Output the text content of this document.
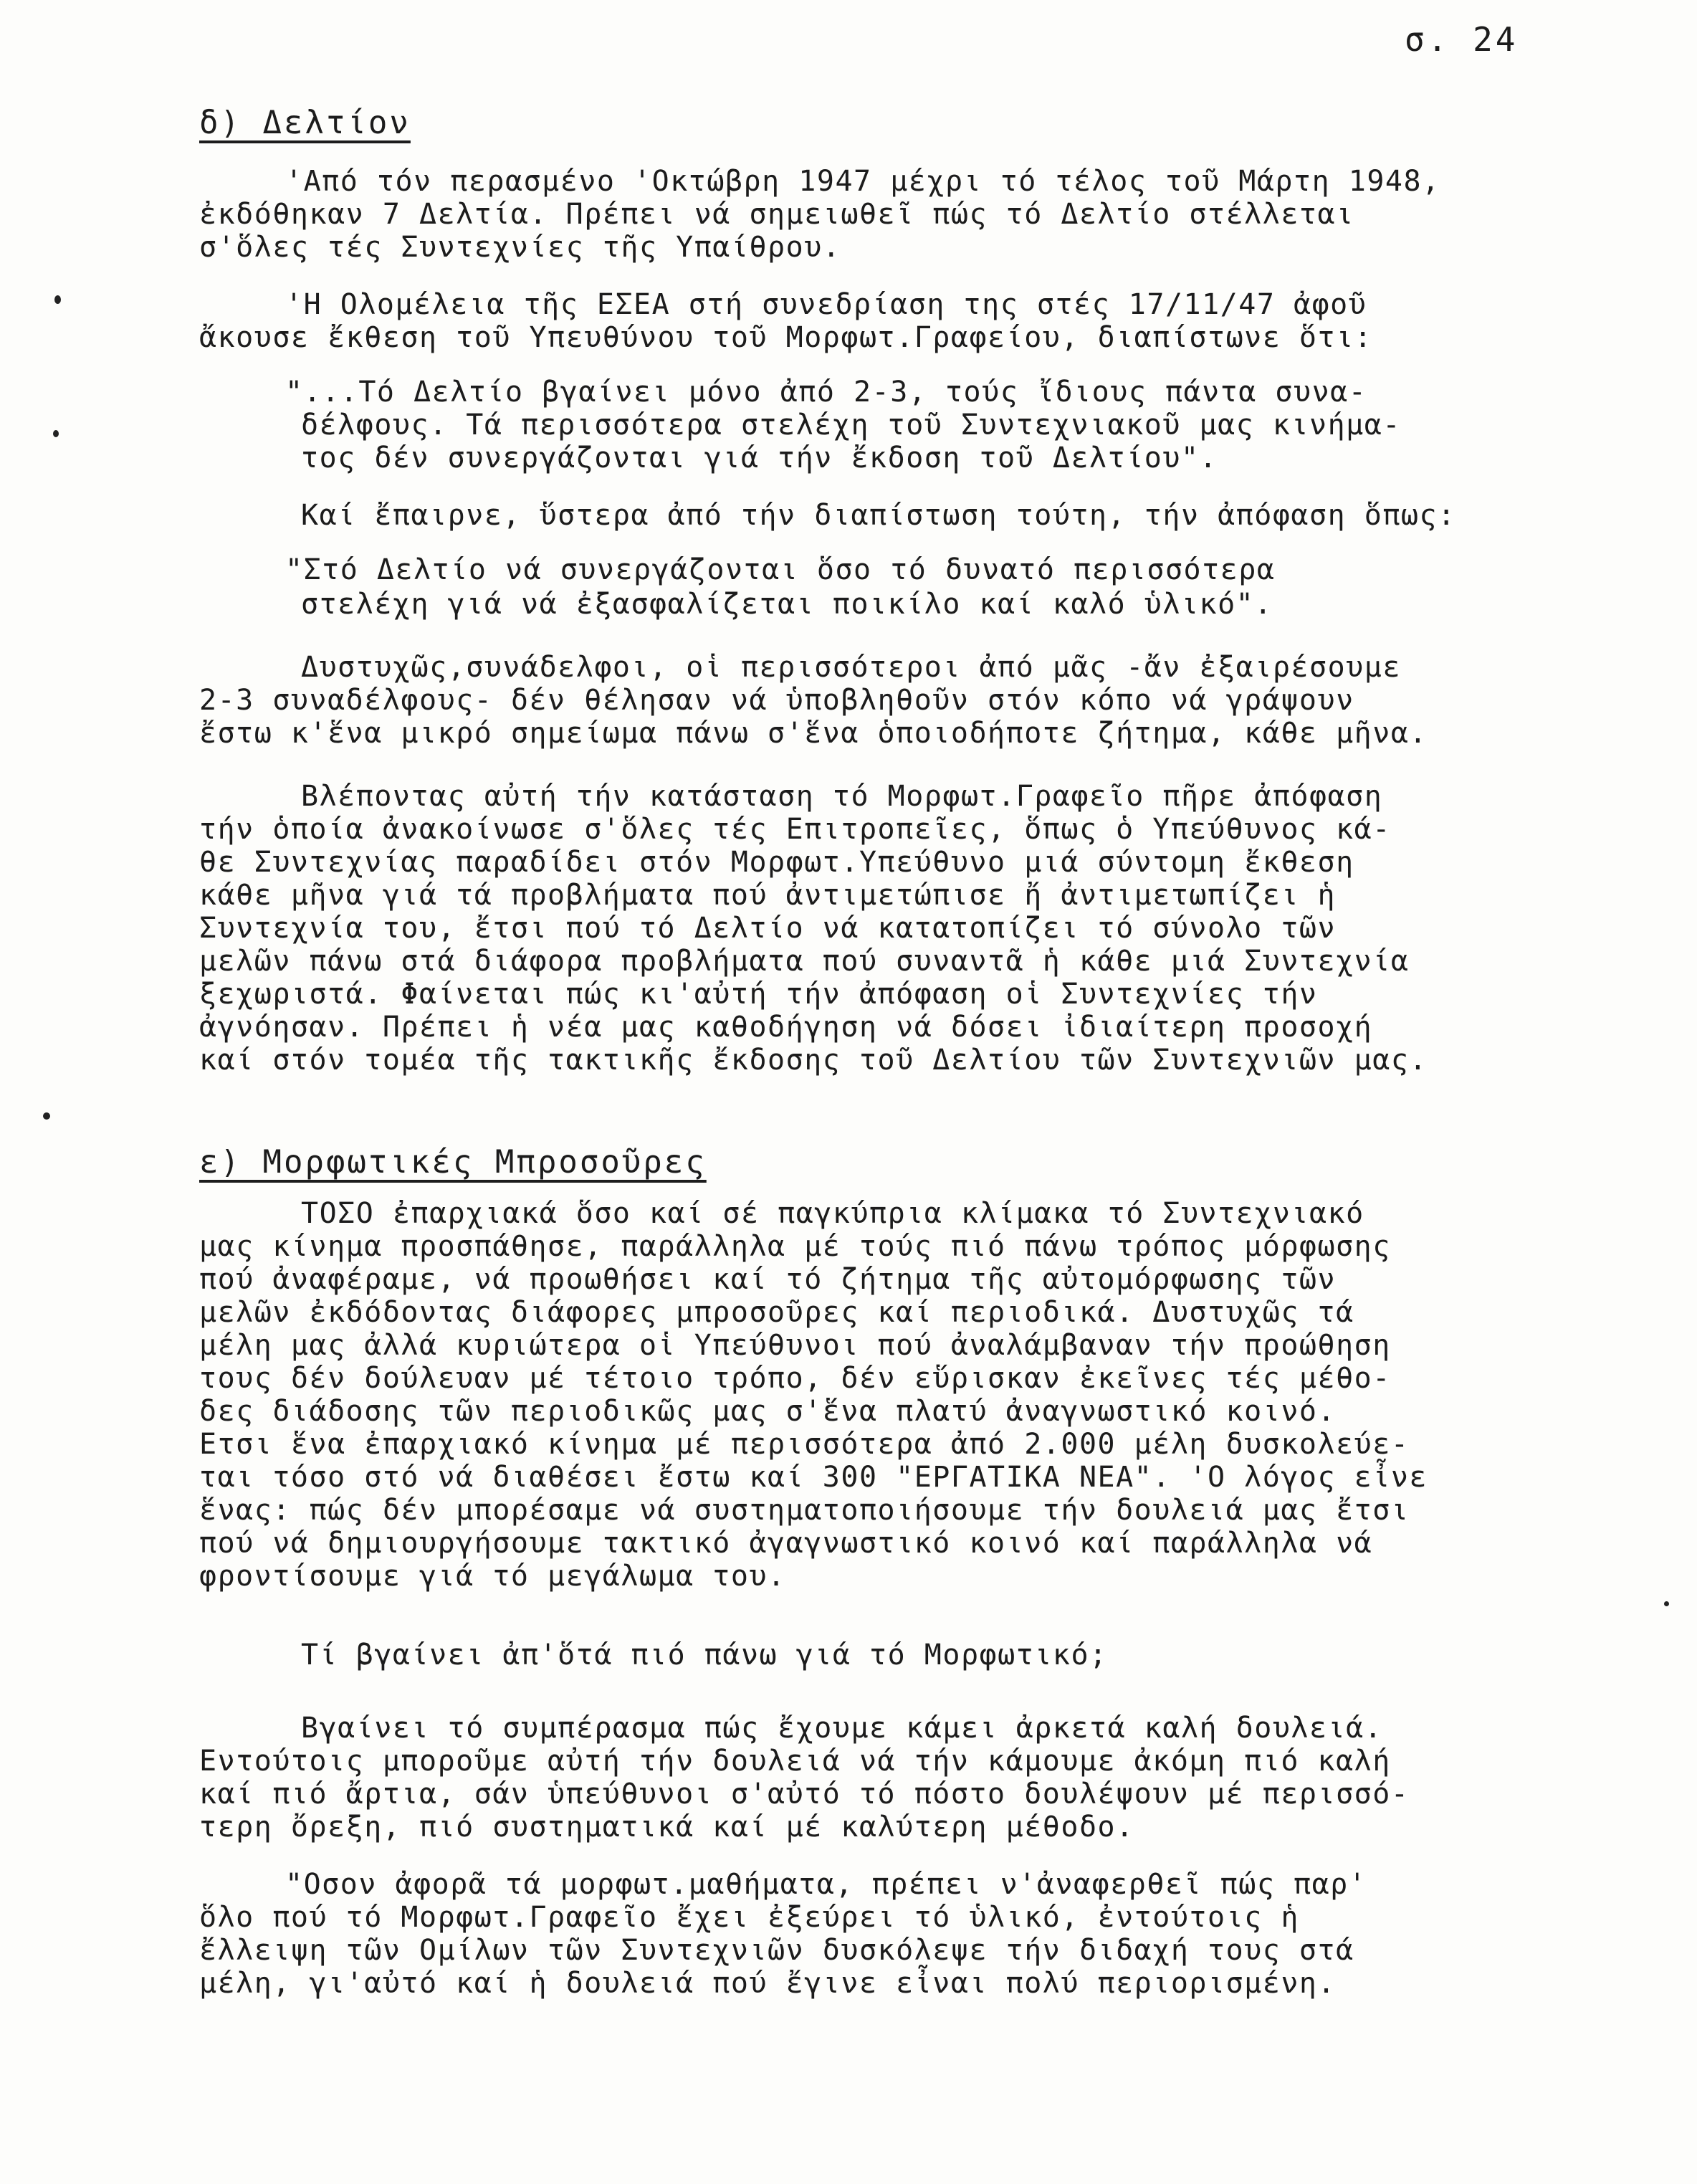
σ. 24
δ) Δελτίον
'Από τόν περασμένο 'Οκτώβρη 1947 μέχρι τό τέλος τοῦ Μάρτη 1948,
ἐκδόθηκαν 7 Δελτία. Πρέπει νά σημειωθεῖ πώς τό Δελτίο στέλλεται
σ'ὅλες τές Συντεχνίες τῆς Υπαίθρου.
'Η Ολομέλεια τῆς ΕΣΕΑ στή συνεδρίαση της στές 17/11/47 ἀφοῦ
ἄκουσε ἔκθεση τοῦ Υπευθύνου τοῦ Μορφωτ.Γραφείου, διαπίστωνε ὅτι:
"...Τό Δελτίο βγαίνει μόνο ἀπό 2-3, τούς ἴδιους πάντα συνα-
δέλφους. Τά περισσότερα στελέχη τοῦ Συντεχνιακοῦ μας κινήμα-
τος δέν συνεργάζονται γιά τήν ἔκδοση τοῦ Δελτίου".
Καί ἔπαιρνε, ὕστερα ἀπό τήν διαπίστωση τούτη, τήν ἀπόφαση ὅπως:
"Στό Δελτίο νά συνεργάζονται ὅσο τό δυνατό περισσότερα
στελέχη γιά νά ἐξασφαλίζεται ποικίλο καί καλό ὑλικό".
Δυστυχῶς,συνάδελφοι, οἱ περισσότεροι ἀπό μᾶς -ἄν ἐξαιρέσουμε
2-3 συναδέλφους- δέν θέλησαν νά ὑποβληθοῦν στόν κόπο νά γράψουν
ἔστω κ'ἕνα μικρό σημείωμα πάνω σ'ἕνα ὁποιοδήποτε ζήτημα, κάθε μῆνα.
Βλέποντας αὐτή τήν κατάσταση τό Μορφωτ.Γραφεῖο πῆρε ἀπόφαση
τήν ὁποία ἀνακοίνωσε σ'ὅλες τές Επιτροπεῖες, ὅπως ὁ Υπεύθυνος κά-
θε Συντεχνίας παραδίδει στόν Μορφωτ.Υπεύθυνο μιά σύντομη ἔκθεση
κάθε μῆνα γιά τά προβλήματα πού ἀντιμετώπισε ἤ ἀντιμετωπίζει ἡ
Συντεχνία του, ἔτσι πού τό Δελτίο νά κατατοπίζει τό σύνολο τῶν
μελῶν πάνω στά διάφορα προβλήματα πού συναντᾶ ἡ κάθε μιά Συντεχνία
ξεχωριστά. Φαίνεται πώς κι'αὐτή τήν ἀπόφαση οἱ Συντεχνίες τήν
ἀγνόησαν. Πρέπει ἡ νέα μας καθοδήγηση νά δόσει ἰδιαίτερη προσοχή
καί στόν τομέα τῆς τακτικῆς ἔκδοσης τοῦ Δελτίου τῶν Συντεχνιῶν μας.
ε) Μορφωτικές Μπροσοῦρες
ΤΟΣΟ ἐπαρχιακά ὅσο καί σέ παγκύπρια κλίμακα τό Συντεχνιακό
μας κίνημα προσπάθησε, παράλληλα μέ τούς πιό πάνω τρόπος μόρφωσης
πού ἀναφέραμε, νά προωθήσει καί τό ζήτημα τῆς αὐτομόρφωσης τῶν
μελῶν ἐκδόδοντας διάφορες μπροσοῦρες καί περιοδικά. Δυστυχῶς τά
μέλη μας ἀλλά κυριώτερα οἱ Υπεύθυνοι πού ἀναλάμβαναν τήν προώθηση
τους δέν δούλευαν μέ τέτοιο τρόπο, δέν εὕρισκαν ἐκεῖνες τές μέθο-
δες διάδοσης τῶν περιοδικῶς μας σ'ἕνα πλατύ ἀναγνωστικό κοινό.
Ετσι ἕνα ἐπαρχιακό κίνημα μέ περισσότερα ἀπό 2.000 μέλη δυσκολεύε-
ται τόσο στό νά διαθέσει ἔστω καί 300 "ΕΡΓΑΤΙΚΑ ΝΕΑ". 'Ο λόγος εἶνε
ἕνας: πώς δέν μπορέσαμε νά συστηματοποιήσουμε τήν δουλειά μας ἔτσι
πού νά δημιουργήσουμε τακτικό ἀγαγνωστικό κοινό καί παράλληλα νά
φροντίσουμε γιά τό μεγάλωμα του.
Τί βγαίνει ἀπ'ὅτά πιό πάνω γιά τό Μορφωτικό;
Βγαίνει τό συμπέρασμα πώς ἔχουμε κάμει ἀρκετά καλή δουλειά.
Εντούτοις μποροῦμε αὐτή τήν δουλειά νά τήν κάμουμε ἀκόμη πιό καλή
καί πιό ἄρτια, σάν ὑπεύθυνοι σ'αὐτό τό πόστο δουλέψουν μέ περισσό-
τερη ὄρεξη, πιό συστηματικά καί μέ καλύτερη μέθοδο.
"Οσον ἀφορᾶ τά μορφωτ.μαθήματα, πρέπει ν'ἀναφερθεῖ πώς παρ'
ὅλο πού τό Μορφωτ.Γραφεῖο ἔχει ἐξεύρει τό ὑλικό, ἐντούτοις ἡ
ἔλλειψη τῶν Ομίλων τῶν Συντεχνιῶν δυσκόλεψε τήν διδαχή τους στά
μέλη, γι'αὐτό καί ἡ δουλειά πού ἔγινε εἶναι πολύ περιορισμένη.
